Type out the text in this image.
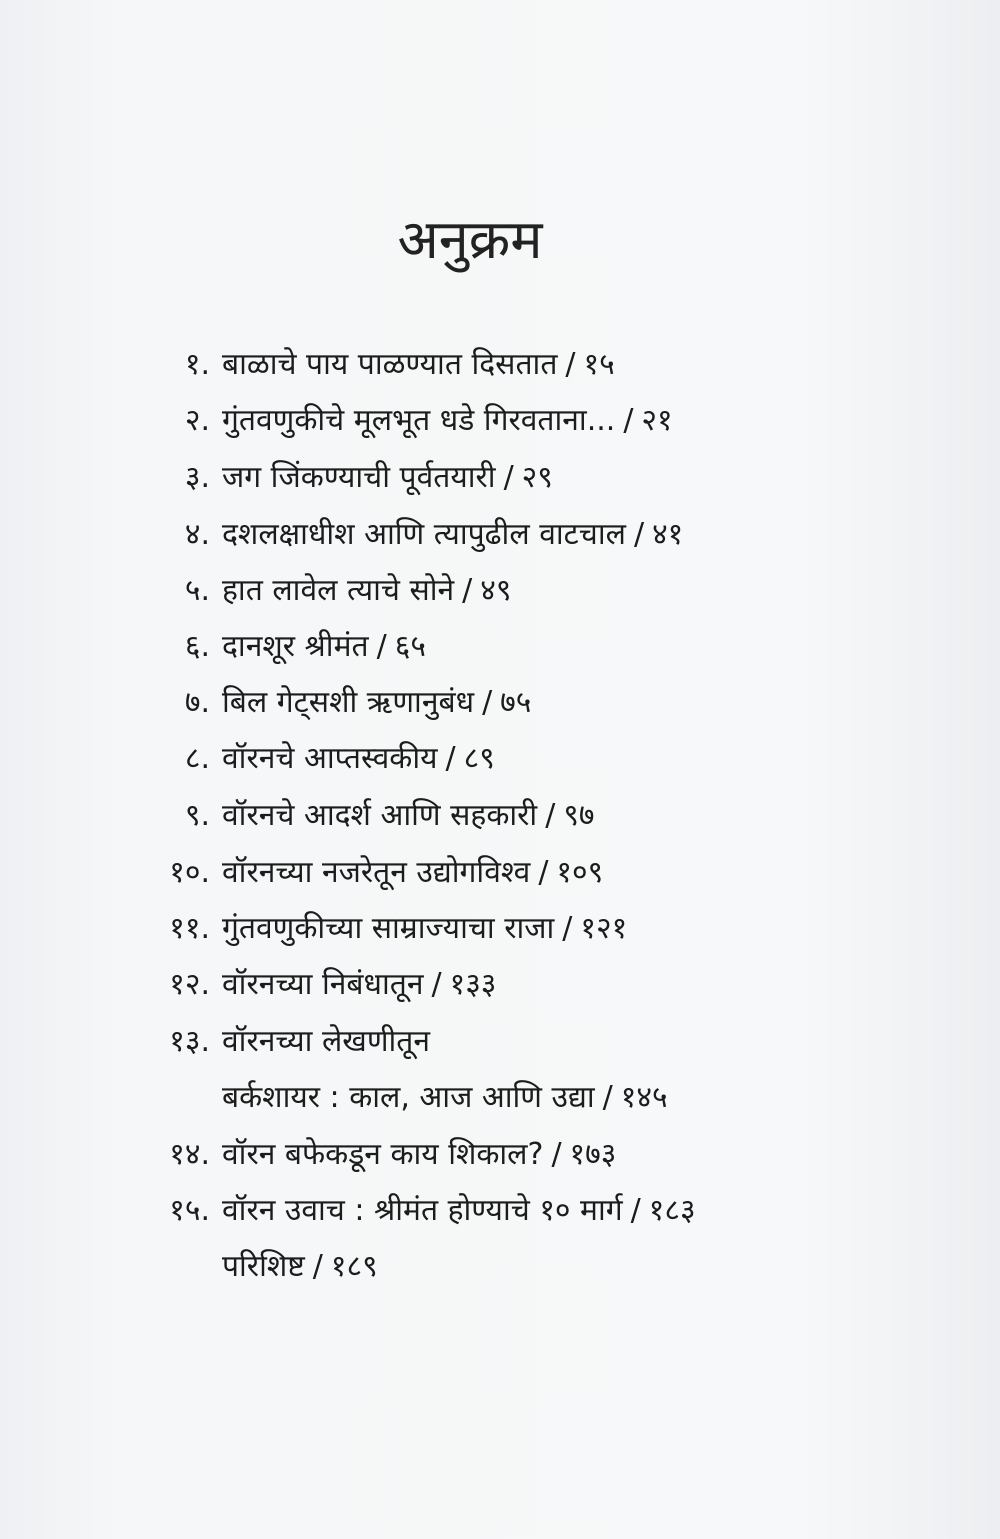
अनुक्रम
१. बाळाचे पाय पाळण्यात दिसतात / १५
२. गुंतवणुकीचे मूलभूत धडे गिरवताना... / २१
३. जग जिंकण्याची पूर्वतयारी / २९
४. दशलक्षाधीश आणि त्यापुढील वाटचाल / ४१
५. हात लावेल त्याचे सोने / ४९
६. दानशूर श्रीमंत / ६५
७. बिल गेट्सशी ऋणानुबंध / ७५
८. वॉरनचे आप्तस्वकीय / ८९
९. वॉरनचे आदर्श आणि सहकारी / ९७
१०. वॉरनच्या नजरेतून उद्योगविश्व / १०९
११. गुंतवणुकीच्या साम्राज्याचा राजा / १२१
१२. वॉरनच्या निबंधातून / १३३
१३. वॉरनच्या लेखणीतून
बर्कशायर : काल, आज आणि उद्या / १४५
१४. वॉरन बफेकडून काय शिकाल? / १७३
१५. वॉरन उवाच : श्रीमंत होण्याचे १० मार्ग / १८३
परिशिष्ट / १८९
